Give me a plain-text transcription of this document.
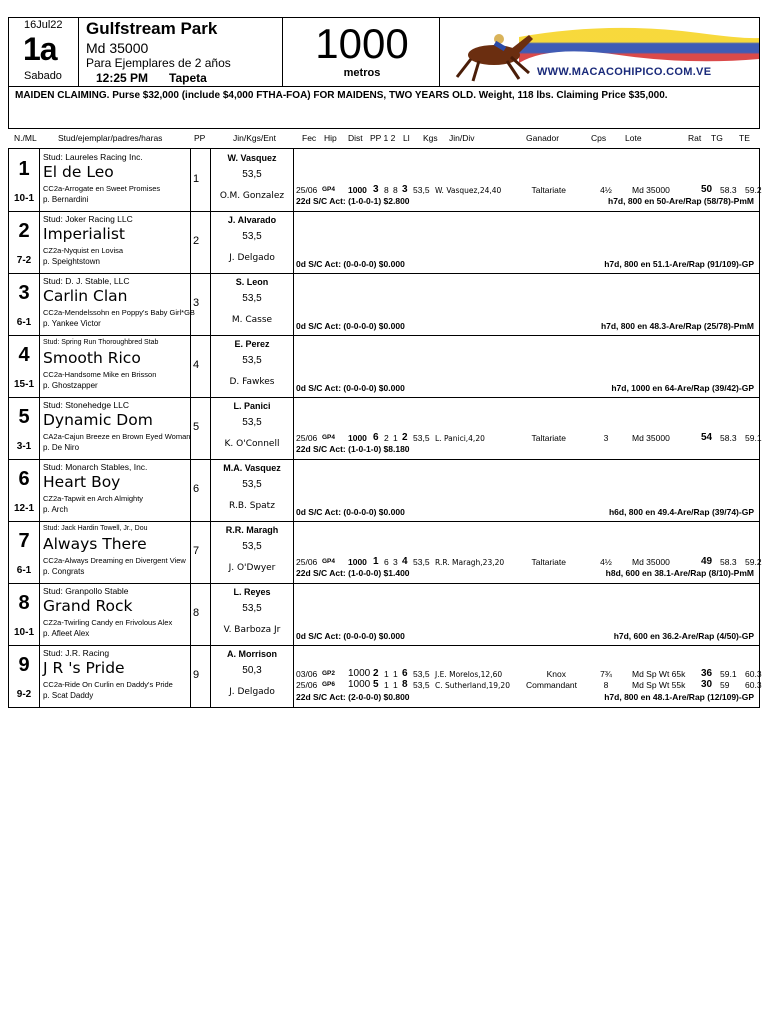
16Jul22
1a
Sabado
Gulfstream Park
Md 35000
Para Ejemplares de 2 años
12:25 PM Tapeta
1000
metros	WWW.MACACOHIPICO.COM.VE
MAIDEN CLAIMING. Purse $32,000 (include $4,000 FTHA-FOA) FOR MAIDENS, TWO YEARS OLD. Weight, 118 lbs. Claiming Price $35,000.
N./ML	Stud/ejemplar/padres/haras	PP	Jin/Kgs/Ent	Fec Hip Dist PP 1 2 Ll Kgs Jin/Div	Ganador	Cps Lote	Rat TG TE
1
10-1
Stud: Laureles Racing Inc.
El de Leo
CC2a-Arrogate en Sweet Promises
p. Bernardini
1
W. Vasquez
53,5
O.M. Gonzalez
25/06 GP4 1000 3 8 8 3 53,5 W. Vasquez,24,40	Taltariate	4½	Md 35000	50 58.3 59.2
22d S/C Act: (1-0-0-1) $2.800	h7d, 800 en 50-Are/Rap (58/78)-PmM
2
7-2
Stud: Joker Racing LLC
Imperialist
CZ2a-Nyquist en Lovisa
p. Speightstown
2
J. Alvarado
53,5
J. Delgado
0d S/C Act: (0-0-0-0) $0.000	h7d, 800 en 51.1-Are/Rap (91/109)-GP
3
6-1
Stud: D. J. Stable, LLC
Carlin Clan
CC2a-Mendelssohn en Poppy's Baby Girl*GB
p. Yankee Victor
3
S. Leon
53,5
M. Casse
0d S/C Act: (0-0-0-0) $0.000	h7d, 800 en 48.3-Are/Rap (25/78)-PmM
4
15-1
Stud: Spring Run Thoroughbred Stab
Smooth Rico
CC2a-Handsome Mike en Brisson
p. Ghostzapper
4
E. Perez
53,5
D. Fawkes
0d S/C Act: (0-0-0-0) $0.000	h7d, 1000 en 64-Are/Rap (39/42)-GP
5
3-1
Stud: Stonehedge LLC
Dynamic Dom
CA2a-Cajun Breeze en Brown Eyed Woman
p. De Niro
5
L. Panici
53,5
K. O'Connell
25/06 GP4 1000 6 2 1 2 53,5 L. Panici,4,20	Taltariate	3	Md 35000	54 58.3 59.1
22d S/C Act: (1-0-1-0) $8.180
6
12-1
Stud: Monarch Stables, Inc.
Heart Boy
CZ2a-Tapwit en Arch Almighty
p. Arch
6
M.A. Vasquez
53,5
R.B. Spatz
0d S/C Act: (0-0-0-0) $0.000	h6d, 800 en 49.4-Are/Rap (39/74)-GP
7
6-1
Stud: Jack Hardin Towell, Jr., Dou
Always There
CC2a-Always Dreaming en Divergent View
p. Congrats
7
R.R. Maragh
53,5
J. O'Dwyer
25/06 GP4 1000 1 6 3 4 53,5 R.R. Maragh,23,20	Taltariate	4½	Md 35000	49 58.3 59.2
22d S/C Act: (1-0-0-0) $1.400	h8d, 600 en 38.1-Are/Rap (8/10)-PmM
8
10-1
Stud: Granpollo Stable
Grand Rock
CZ2a-Twirling Candy en Frivolous Alex
p. Afleet Alex
8
L. Reyes
53,5
V. Barboza Jr
0d S/C Act: (0-0-0-0) $0.000	h7d, 600 en 36.2-Are/Rap (4/50)-GP
9
9-2
Stud: J.R. Racing
J R 's Pride
CC2a-Ride On Curlin en Daddy's Pride
p. Scat Daddy
9
A. Morrison
50,3
J. Delgado
03/06 GP2 1000 2 1 1 6 53,5 J.E. Morelos,12,60	Knox	7¾	Md Sp Wt 65k 36 59.1 60.3
25/06 GP6 1000 5 1 1 8 53,5 C. Sutherland,19,20 Commandant	8	Md Sp Wt 55k 30 59 60.3
22d S/C Act: (2-0-0-0) $0.800	h7d, 800 en 48.1-Are/Rap (12/109)-GP
